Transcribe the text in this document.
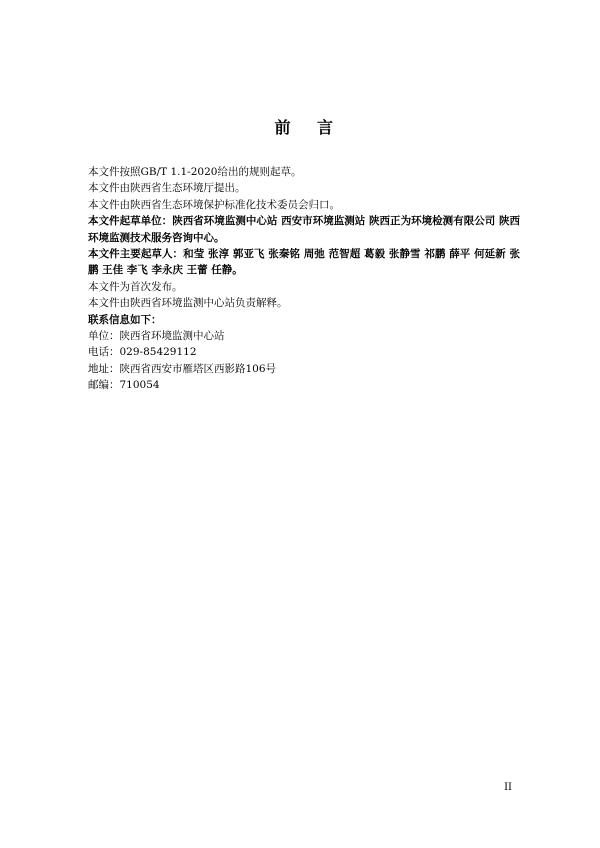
前 言

本文件按照GB/T 1.1-2020给出的规则起草。

本文件由陕西省生态环境厅提出。

本文件由陕西省生态环境保护标准化技术委员会归口。

本文件起草单位：陕西省环境监测中心站 西安市环境监测站 陕西正为环境检测有限公司 陕西环境监测技术服务咨询中心。

本文件主要起草人：和莹 张淳 郭亚飞 张秦铭 周弛 范智超 葛毅 张静雪 祁鹏 薛平 何延新 张鹏 王佳 李飞 李永庆 王蕾 任静。

本文件为首次发布。

本文件由陕西省环境监测中心站负责解释。

联系信息如下：

单位：陕西省环境监测中心站

电话：029-85429112

地址：陕西省西安市雁塔区西影路106号

邮编：710054

II
